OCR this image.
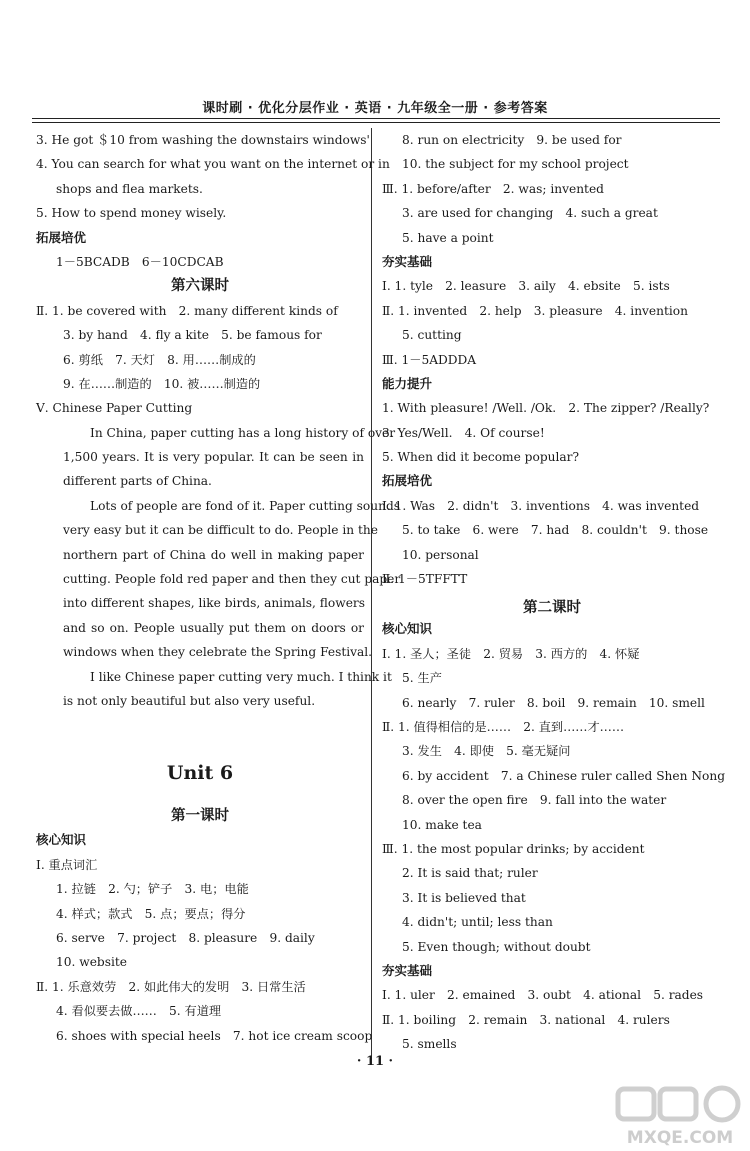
课时刷 · 优化分层作业 · 英语 · 九年级全一册 · 参考答案
3. He got ＄10 from washing the downstairs windows'
4. You can search for what you want on the internet or in
shops and flea markets.
5. How to spend money wisely.
拓展培优
1－5BCADB　6－10CDCAB
第六课时
Ⅱ. 1. be covered with　2. many different kinds of
3. by hand　4. fly a kite　5. be famous for
6. 剪纸　7. 天灯　8. 用……制成的
9. 在……制造的　10. 被……制造的
Ⅴ. Chinese Paper Cutting
In China, paper cutting has a long history of over
1,500 years. It is very popular. It can be seen in
different parts of China.
Lots of people are fond of it. Paper cutting sounds
very easy but it can be difficult to do. People in the
northern part of China do well in making paper
cutting. People fold red paper and then they cut paper
into different shapes, like birds, animals, flowers
and so on. People usually put them on doors or
windows when they celebrate the Spring Festival.
I like Chinese paper cutting very much. I think it
is not only beautiful but also very useful.
Unit 6
第一课时
核心知识
Ⅰ. 重点词汇
1. 拉链　2. 勺；铲子　3. 电；电能
4. 样式；款式　5. 点；要点；得分
6. serve　7. project　8. pleasure　9. daily
10. website
Ⅱ. 1. 乐意效劳　2. 如此伟大的发明　3. 日常生活
4. 看似要去做……　5. 有道理
6. shoes with special heels　7. hot ice cream scoop
8. run on electricity　9. be used for
10. the subject for my school project
Ⅲ. 1. before/after　2. was; invented
3. are used for changing　4. such a great
5. have a point
夯实基础
Ⅰ. 1. tyle　2. leasure　3. aily　4. ebsite　5. ists
Ⅱ. 1. invented　2. help　3. pleasure　4. invention
5. cutting
Ⅲ. 1－5ADDDA
能力提升
1. With pleasure! /Well. /Ok.　2. The zipper? /Really?
3. Yes/Well.　4. Of course!
5. When did it become popular?
拓展培优
Ⅰ. 1. Was　2. didn't　3. inventions　4. was invented
5. to take　6. were　7. had　8. couldn't　9. those
10. personal
Ⅱ. 1－5TFFTT
第二课时
核心知识
Ⅰ. 1. 圣人；圣徒　2. 贸易　3. 西方的　4. 怀疑
5. 生产
6. nearly　7. ruler　8. boil　9. remain　10. smell
Ⅱ. 1. 值得相信的是……　2. 直到……才……
3. 发生　4. 即使　5. 毫无疑问
6. by accident　7. a Chinese ruler called Shen Nong
8. over the open fire　9. fall into the water
10. make tea
Ⅲ. 1. the most popular drinks; by accident
2. It is said that; ruler
3. It is believed that
4. didn't; until; less than
5. Even though; without doubt
夯实基础
Ⅰ. 1. uler　2. emained　3. oubt　4. ational　5. rades
Ⅱ. 1. boiling　2. remain　3. national　4. rulers
5. smells
· 11 ·
MXQE.COM
